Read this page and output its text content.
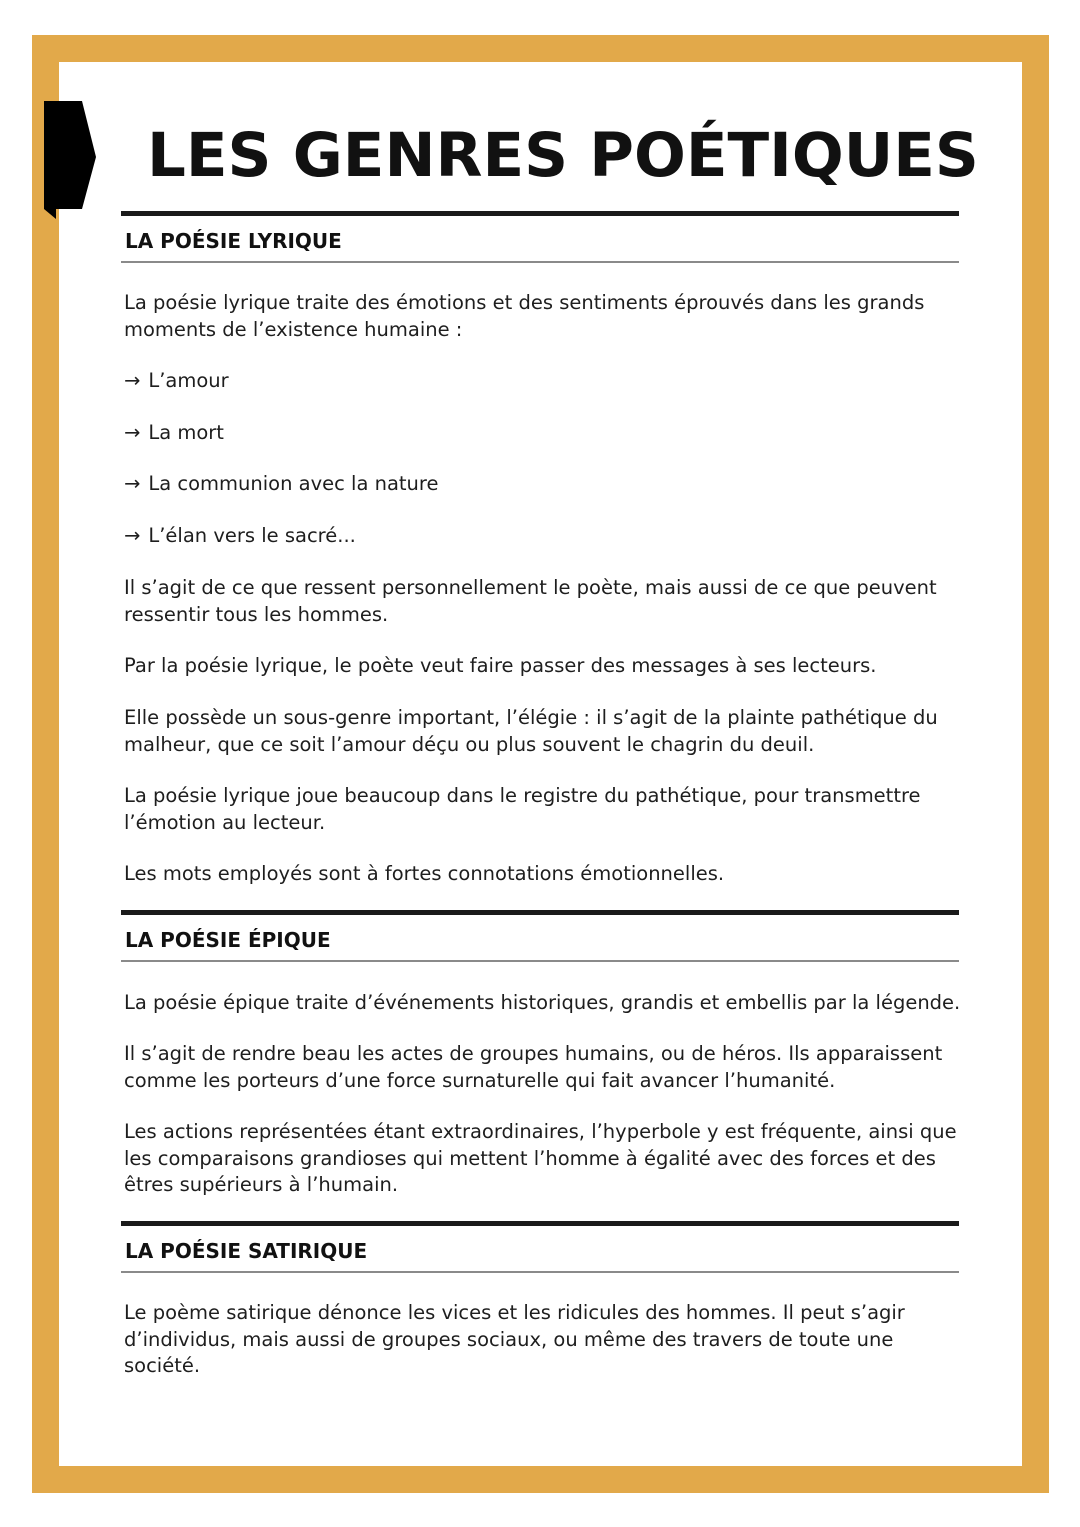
LES GENRES POÉTIQUES
LA POÉSIE LYRIQUE

La poésie lyrique traite des émotions et des sentiments éprouvés dans les grands moments de l’existence humaine :

→ L’amour

→ La mort

→ La communion avec la nature

→ L’élan vers le sacré...

Il s’agit de ce que ressent personnellement le poète, mais aussi de ce que peuvent ressentir tous les hommes.

Par la poésie lyrique, le poète veut faire passer des messages à ses lecteurs.

Elle possède un sous-genre important, l’élégie : il s’agit de la plainte pathétique du malheur, que ce soit l’amour déçu ou plus souvent le chagrin du deuil.

La poésie lyrique joue beaucoup dans le registre du pathétique, pour transmettre l’émotion au lecteur.

Les mots employés sont à fortes connotations émotionnelles.

LA POÉSIE ÉPIQUE

La poésie épique traite d’événements historiques, grandis et embellis par la légende.

Il s’agit de rendre beau les actes de groupes humains, ou de héros. Ils apparaissent comme les porteurs d’une force surnaturelle qui fait avancer l’humanité.

Les actions représentées étant extraordinaires, l’hyperbole y est fréquente, ainsi que les comparaisons grandioses qui mettent l’homme à égalité avec des forces et des êtres supérieurs à l’humain.

LA POÉSIE SATIRIQUE

Le poème satirique dénonce les vices et les ridicules des hommes. Il peut s’agir d’individus, mais aussi de groupes sociaux, ou même des travers de toute une société.
